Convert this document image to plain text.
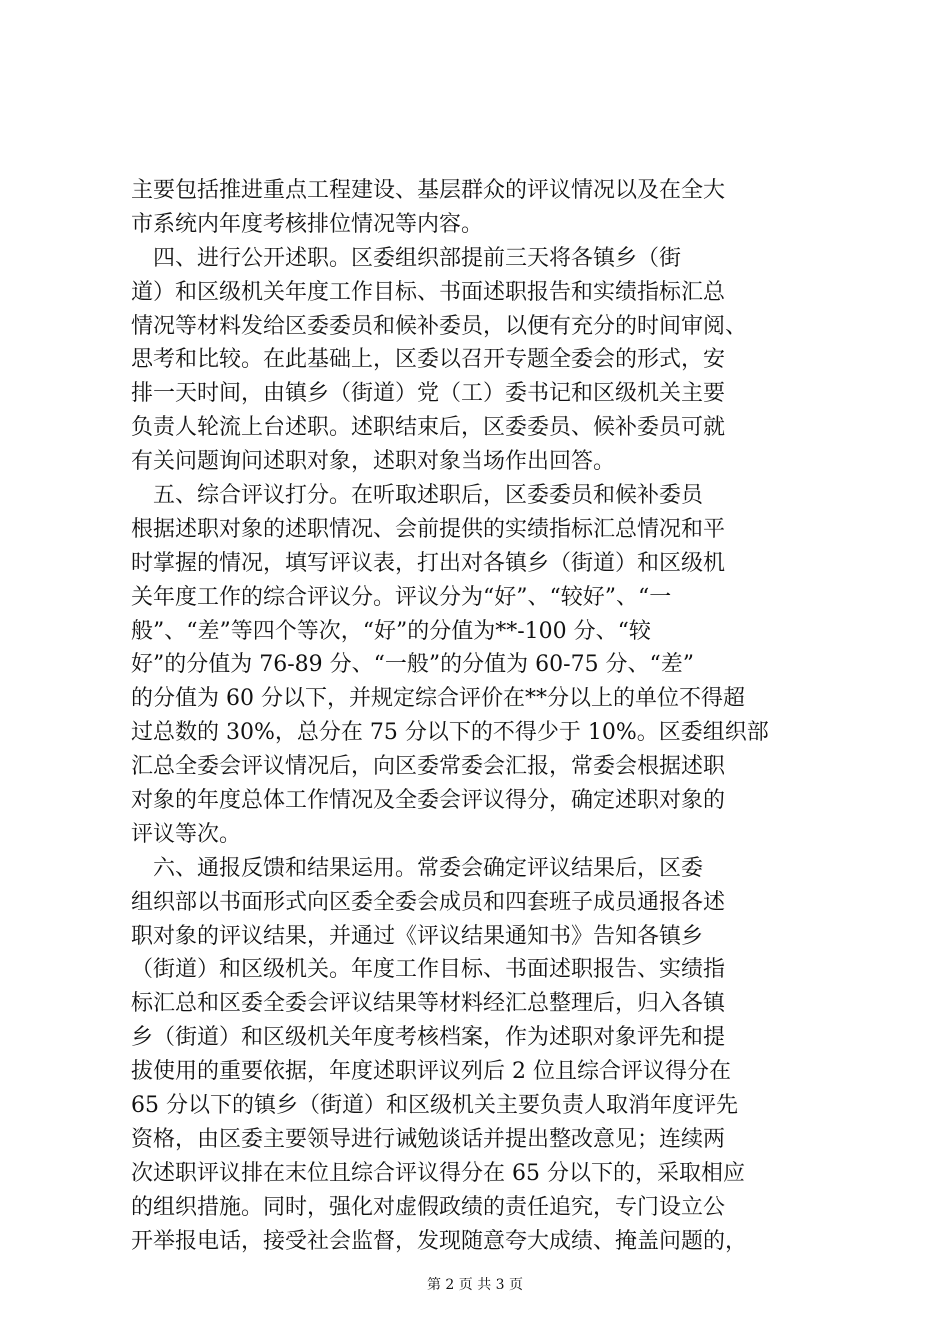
主要包括推进重点工程建设、基层群众的评议情况以及在全大
市系统内年度考核排位情况等内容。
　四、进行公开述职。区委组织部提前三天将各镇乡（街
道）和区级机关年度工作目标、书面述职报告和实绩指标汇总
情况等材料发给区委委员和候补委员，以便有充分的时间审阅、
思考和比较。在此基础上，区委以召开专题全委会的形式，安
排一天时间，由镇乡（街道）党（工）委书记和区级机关主要
负责人轮流上台述职。述职结束后，区委委员、候补委员可就
有关问题询问述职对象，述职对象当场作出回答。
　五、综合评议打分。在听取述职后，区委委员和候补委员
根据述职对象的述职情况、会前提供的实绩指标汇总情况和平
时掌握的情况，填写评议表，打出对各镇乡（街道）和区级机
关年度工作的综合评议分。评议分为“好”、“较好”、“一
般”、“差”等四个等次，“好”的分值为**-100 分、“较
好”的分值为 76-89 分、“一般”的分值为 60-75 分、“差”
的分值为 60 分以下，并规定综合评价在**分以上的单位不得超
过总数的 30%，总分在 75 分以下的不得少于 10%。区委组织部
汇总全委会评议情况后，向区委常委会汇报，常委会根据述职
对象的年度总体工作情况及全委会评议得分，确定述职对象的
评议等次。
　六、通报反馈和结果运用。常委会确定评议结果后，区委
组织部以书面形式向区委全委会成员和四套班子成员通报各述
职对象的评议结果，并通过《评议结果通知书》告知各镇乡
（街道）和区级机关。年度工作目标、书面述职报告、实绩指
标汇总和区委全委会评议结果等材料经汇总整理后，归入各镇
乡（街道）和区级机关年度考核档案，作为述职对象评先和提
拔使用的重要依据，年度述职评议列后 2 位且综合评议得分在
65 分以下的镇乡（街道）和区级机关主要负责人取消年度评先
资格，由区委主要领导进行诫勉谈话并提出整改意见；连续两
次述职评议排在末位且综合评议得分在 65 分以下的，采取相应
的组织措施。同时，强化对虚假政绩的责任追究，专门设立公
开举报电话，接受社会监督，发现随意夸大成绩、掩盖问题的，
第 2 页 共 3 页
